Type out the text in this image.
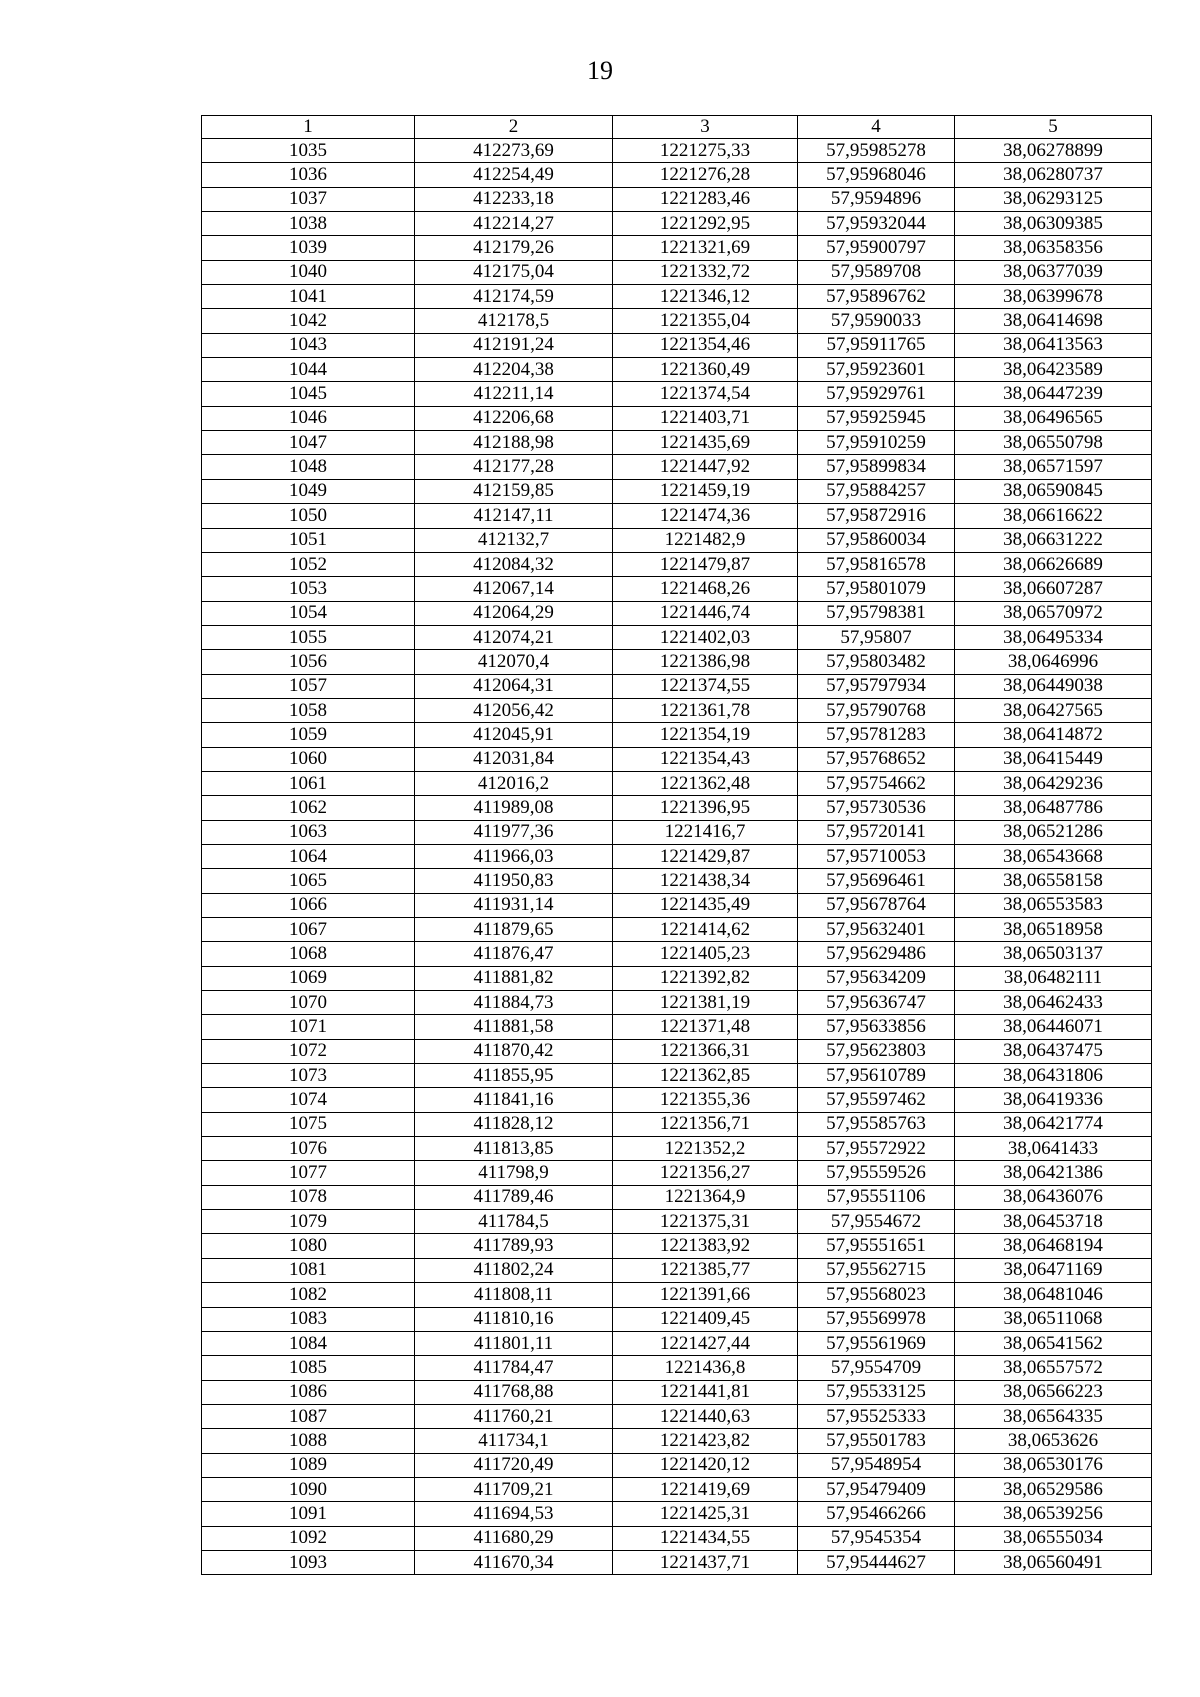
19
1	2	3	4	5
1035	412273,69	1221275,33	57,95985278	38,06278899
1036	412254,49	1221276,28	57,95968046	38,06280737
1037	412233,18	1221283,46	57,9594896	38,06293125
1038	412214,27	1221292,95	57,95932044	38,06309385
1039	412179,26	1221321,69	57,95900797	38,06358356
1040	412175,04	1221332,72	57,9589708	38,06377039
1041	412174,59	1221346,12	57,95896762	38,06399678
1042	412178,5	1221355,04	57,9590033	38,06414698
1043	412191,24	1221354,46	57,95911765	38,06413563
1044	412204,38	1221360,49	57,95923601	38,06423589
1045	412211,14	1221374,54	57,95929761	38,06447239
1046	412206,68	1221403,71	57,95925945	38,06496565
1047	412188,98	1221435,69	57,95910259	38,06550798
1048	412177,28	1221447,92	57,95899834	38,06571597
1049	412159,85	1221459,19	57,95884257	38,06590845
1050	412147,11	1221474,36	57,95872916	38,06616622
1051	412132,7	1221482,9	57,95860034	38,06631222
1052	412084,32	1221479,87	57,95816578	38,06626689
1053	412067,14	1221468,26	57,95801079	38,06607287
1054	412064,29	1221446,74	57,95798381	38,06570972
1055	412074,21	1221402,03	57,95807	38,06495334
1056	412070,4	1221386,98	57,95803482	38,0646996
1057	412064,31	1221374,55	57,95797934	38,06449038
1058	412056,42	1221361,78	57,95790768	38,06427565
1059	412045,91	1221354,19	57,95781283	38,06414872
1060	412031,84	1221354,43	57,95768652	38,06415449
1061	412016,2	1221362,48	57,95754662	38,06429236
1062	411989,08	1221396,95	57,95730536	38,06487786
1063	411977,36	1221416,7	57,95720141	38,06521286
1064	411966,03	1221429,87	57,95710053	38,06543668
1065	411950,83	1221438,34	57,95696461	38,06558158
1066	411931,14	1221435,49	57,95678764	38,06553583
1067	411879,65	1221414,62	57,95632401	38,06518958
1068	411876,47	1221405,23	57,95629486	38,06503137
1069	411881,82	1221392,82	57,95634209	38,06482111
1070	411884,73	1221381,19	57,95636747	38,06462433
1071	411881,58	1221371,48	57,95633856	38,06446071
1072	411870,42	1221366,31	57,95623803	38,06437475
1073	411855,95	1221362,85	57,95610789	38,06431806
1074	411841,16	1221355,36	57,95597462	38,06419336
1075	411828,12	1221356,71	57,95585763	38,06421774
1076	411813,85	1221352,2	57,95572922	38,0641433
1077	411798,9	1221356,27	57,95559526	38,06421386
1078	411789,46	1221364,9	57,95551106	38,06436076
1079	411784,5	1221375,31	57,9554672	38,06453718
1080	411789,93	1221383,92	57,95551651	38,06468194
1081	411802,24	1221385,77	57,95562715	38,06471169
1082	411808,11	1221391,66	57,95568023	38,06481046
1083	411810,16	1221409,45	57,95569978	38,06511068
1084	411801,11	1221427,44	57,95561969	38,06541562
1085	411784,47	1221436,8	57,9554709	38,06557572
1086	411768,88	1221441,81	57,95533125	38,06566223
1087	411760,21	1221440,63	57,95525333	38,06564335
1088	411734,1	1221423,82	57,95501783	38,0653626
1089	411720,49	1221420,12	57,9548954	38,06530176
1090	411709,21	1221419,69	57,95479409	38,06529586
1091	411694,53	1221425,31	57,95466266	38,06539256
1092	411680,29	1221434,55	57,9545354	38,06555034
1093	411670,34	1221437,71	57,95444627	38,06560491
